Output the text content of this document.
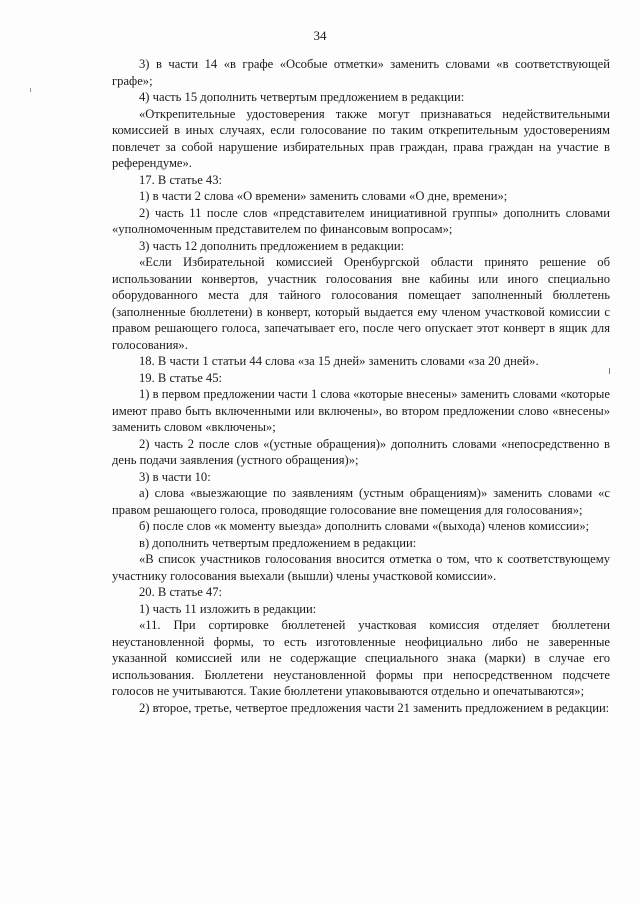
34

3) в части 14 «в графе «Особые отметки» заменить словами «в соответствующей графе»;

4) часть 15 дополнить четвертым предложением в редакции:

«Открепительные удостоверения также могут признаваться недействительными комиссией в иных случаях, если голосование по таким открепительным удостоверениям повлечет за собой нарушение избирательных прав граждан, права граждан на участие в референдуме».

17. В статье 43:

1) в части 2 слова «О времени» заменить словами «О дне, времени»;

2) часть 11 после слов «представителем инициативной группы» дополнить словами «уполномоченным представителем по финансовым вопросам»;

3) часть 12 дополнить предложением в редакции:

«Если Избирательной комиссией Оренбургской области принято решение об использовании конвертов, участник голосования вне кабины или иного специально оборудованного места для тайного голосования помещает заполненный бюллетень (заполненные бюллетени) в конверт, который выдается ему членом участковой комиссии с правом решающего голоса, запечатывает его, после чего опускает этот конверт в ящик для голосования».

18. В части 1 статьи 44 слова «за 15 дней» заменить словами «за 20 дней».

19. В статье 45:

1) в первом предложении части 1 слова «которые внесены» заменить словами «которые имеют право быть включенными или включены», во втором предложении слово «внесены» заменить словом «включены»;

2) часть 2 после слов «(устные обращения)» дополнить словами «непосредственно в день подачи заявления (устного обращения)»;

3) в части 10:

а) слова «выезжающие по заявлениям (устным обращениям)» заменить словами «с правом решающего голоса, проводящие голосование вне помещения для голосования»;

б) после слов «к моменту выезда» дополнить словами «(выхода) членов комиссии»;

в) дополнить четвертым предложением в редакции:

«В список участников голосования вносится отметка о том, что к соответствующему участнику голосования выехали (вышли) члены участковой комиссии».

20. В статье 47:

1) часть 11 изложить в редакции:

«11. При сортировке бюллетеней участковая комиссия отделяет бюллетени неустановленной формы, то есть изготовленные неофициально либо не заверенные указанной комиссией или не содержащие специального знака (марки) в случае его использования. Бюллетени неустановленной формы при непосредственном подсчете голосов не учитываются. Такие бюллетени упаковываются отдельно и опечатываются»;

2) второе, третье, четвертое предложения части 21 заменить предложением в редакции:
